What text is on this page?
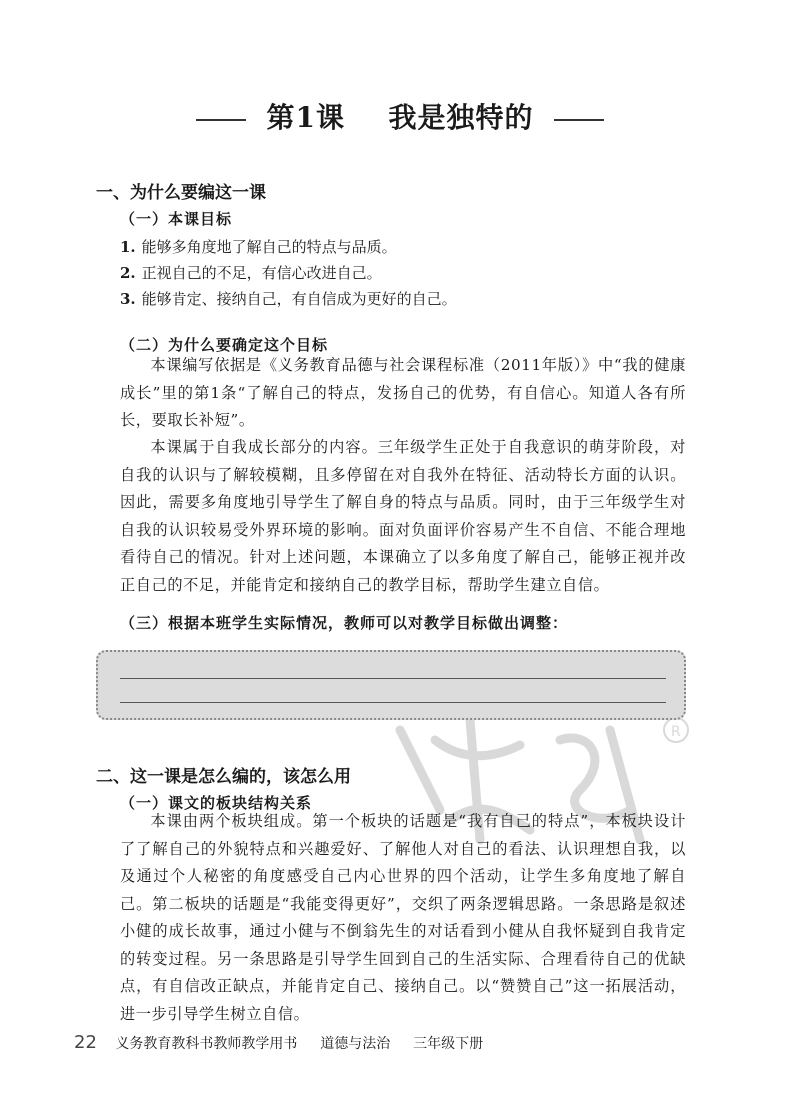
R
第1课 我是独特的
一、为什么要编这一课
（一）本课目标
1. 能够多角度地了解自己的特点与品质。
2. 正视自己的不足，有信心改进自己。
3. 能够肯定、接纳自己，有自信成为更好的自己。
（二）为什么要确定这个目标
本课编写依据是《义务教育品德与社会课程标准（2011年版）》中“我的健康成长”里的第1条“了解自己的特点，发扬自己的优势，有自信心。知道人各有所长，要取长补短”。
本课属于自我成长部分的内容。三年级学生正处于自我意识的萌芽阶段，对自我的认识与了解较模糊，且多停留在对自我外在特征、活动特长方面的认识。因此，需要多角度地引导学生了解自身的特点与品质。同时，由于三年级学生对自我的认识较易受外界环境的影响。面对负面评价容易产生不自信、不能合理地看待自己的情况。针对上述问题，本课确立了以多角度了解自己，能够正视并改正自己的不足，并能肯定和接纳自己的教学目标，帮助学生建立自信。
（三）根据本班学生实际情况，教师可以对教学目标做出调整：
二、这一课是怎么编的，该怎么用
（一）课文的板块结构关系
本课由两个板块组成。第一个板块的话题是“我有自己的特点”，本板块设计了了解自己的外貌特点和兴趣爱好、了解他人对自己的看法、认识理想自我，以及通过个人秘密的角度感受自己内心世界的四个活动，让学生多角度地了解自己。第二板块的话题是“我能变得更好”，交织了两条逻辑思路。一条思路是叙述小健的成长故事，通过小健与不倒翁先生的对话看到小健从自我怀疑到自我肯定的转变过程。另一条思路是引导学生回到自己的生活实际、合理看待自己的优缺点，有自信改正缺点，并能肯定自己、接纳自己。以“赞赞自己”这一拓展活动，进一步引导学生树立自信。
22 义务教育教科书教师教学用书 道德与法治 三年级下册
